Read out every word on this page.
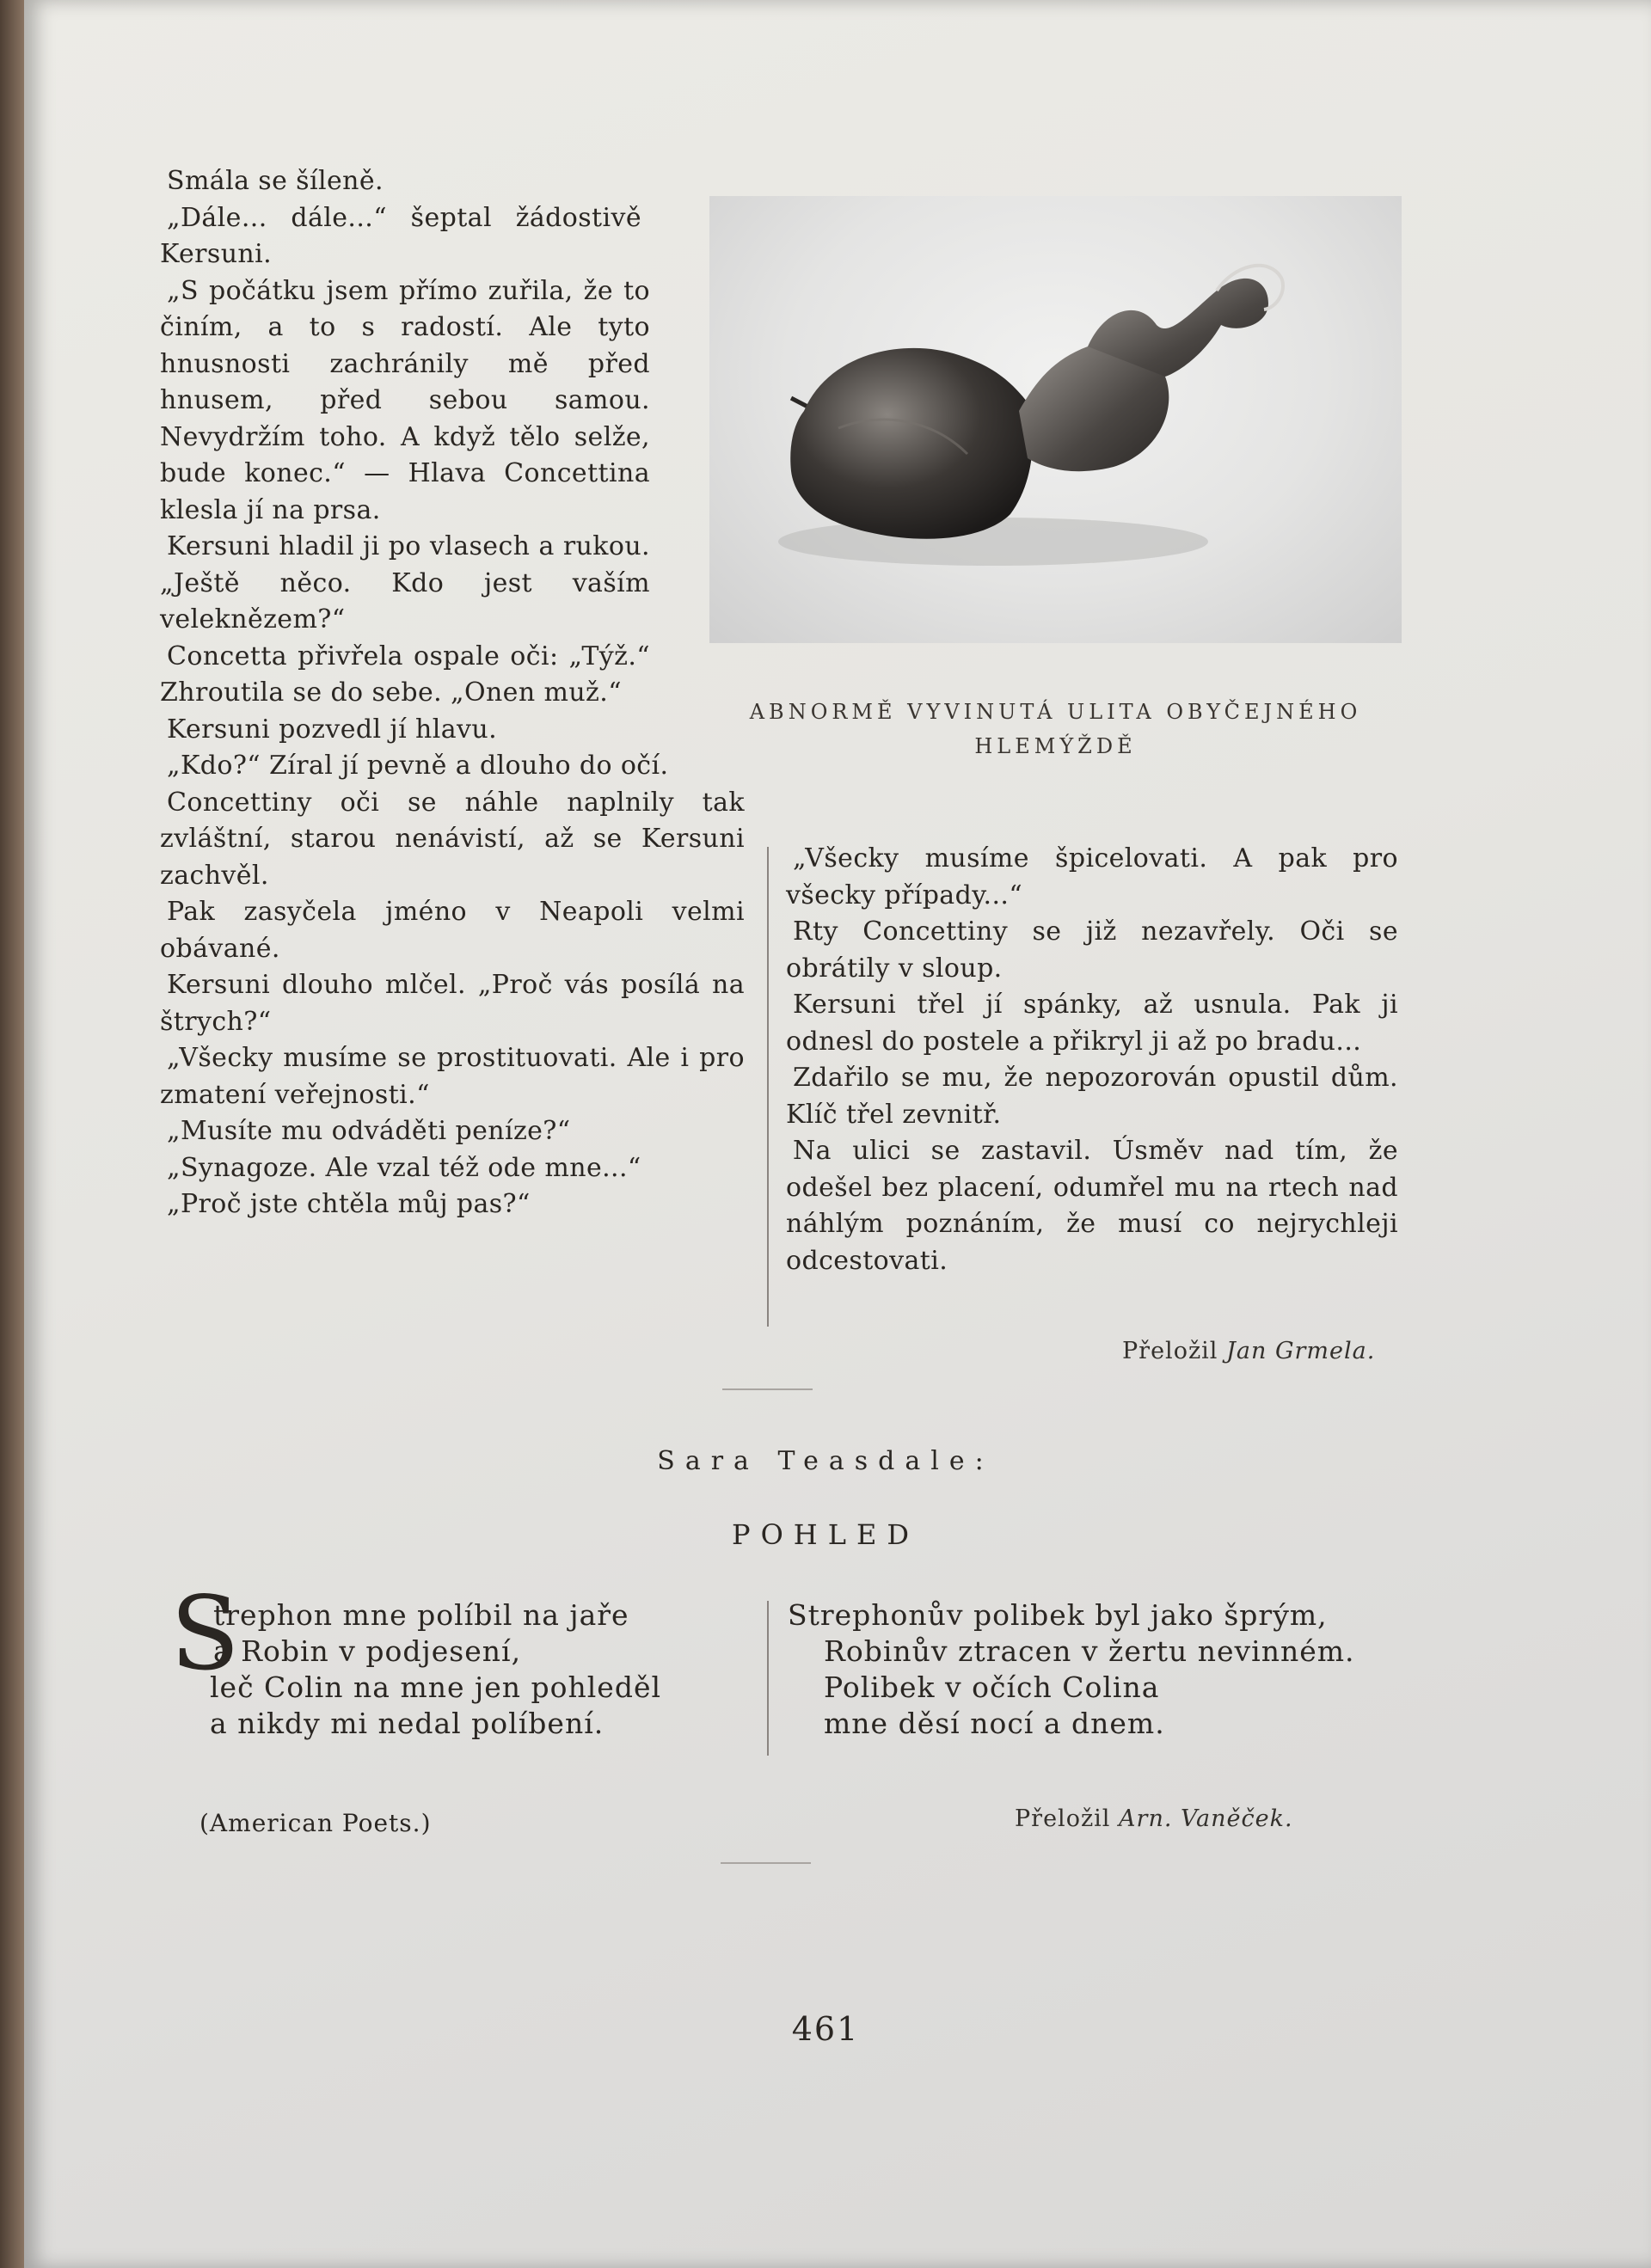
Smála se šíleně.

„Dále... dále...“ šeptal žádostivě Kersuni.

„S počátku jsem přímo zuřila, že to činím, a to s radostí. Ale tyto hnusnosti zachránily mě před hnusem, před sebou samou. Nevydržím toho. A když tělo selže, bude konec.“ — Hlava Concettina klesla jí na prsa.

Kersuni hladil ji po vlasech a rukou. „Ještě něco. Kdo jest vaším veleknězem?“

Concetta přivřela ospale oči: „Týž.“ Zhroutila se do sebe. „Onen muž.“

Kersuni pozvedl jí hlavu.

„Kdo?“ Zíral jí pevně a dlouho do očí.

Concettiny oči se náhle naplnily tak zvláštní, starou nenávistí, až se Kersuni zachvěl.

Pak zasyčela jméno v Neapoli velmi obávané.

Kersuni dlouho mlčel. „Proč vás posílá na štrych?“

„Všecky musíme se prostituovati. Ale i pro zmatení veřejnosti.“

„Musíte mu odváděti peníze?“

„Synagoze. Ale vzal též ode mne...“

„Proč jste chtěla můj pas?“

ABNORMĚ VYVINUTÁ ULITA OBYČEJNÉHO
HLEMÝŽDĚ

„Všecky musíme špicelovati. A pak pro všecky případy...“

Rty Concettiny se již nezavřely. Oči se obrátily v sloup.

Kersuni třel jí spánky, až usnula. Pak ji odnesl do postele a přikryl ji až po bradu...

Zdařilo se mu, že nepozorován opustil dům. Klíč třel zevnitř.

Na ulici se zastavil. Úsměv nad tím, že odešel bez placení, odumřel mu na rtech nad náhlým poznáním, že musí co nejrychleji odcestovati.

Přeložil Jan Grmela.
Sara Teasdale:
POHLED
S
trephon mne políbil na jaře
a Robin v podjesení,
leč Colin na mne jen pohleděl
a nikdy mi nedal políbení.
Strephonův polibek byl jako šprým,
Robinův ztracen v žertu nevinném.
Polibek v očích Colina
mne děsí nocí a dnem.
(American Poets.)	Přeložil Arn. Vaněček.
461
